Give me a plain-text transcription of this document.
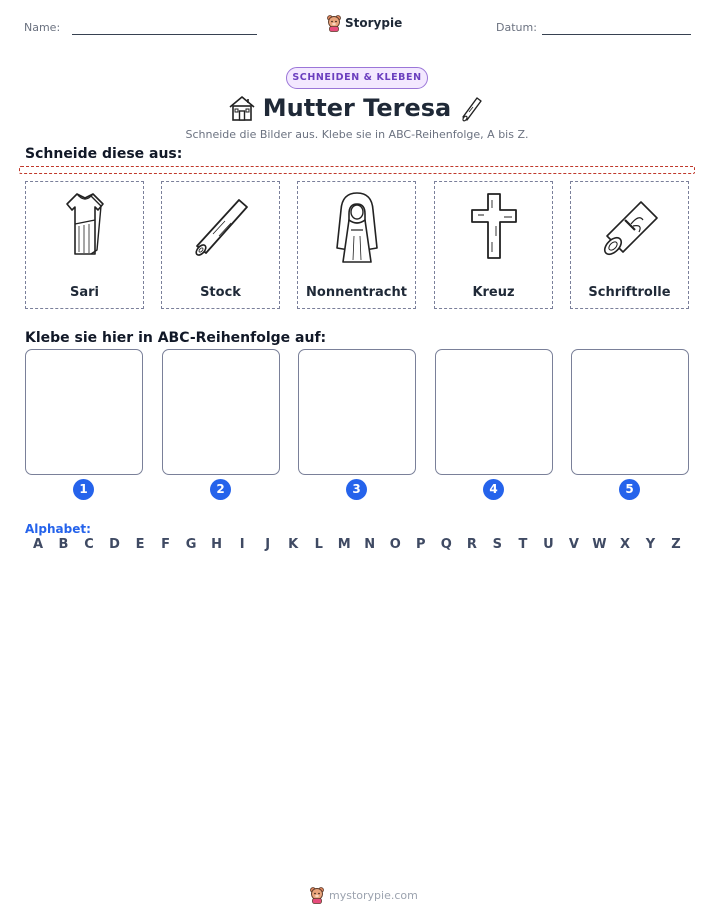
Name:	Datum:
Storypie
SCHNEIDEN & KLEBEN
Mutter Teresa
Schneide die Bilder aus. Klebe sie in ABC-Reihenfolge, A bis Z.
Schneide diese aus:
Sari	Stock	Nonnentracht	Kreuz	Schriftrolle
Klebe sie hier in ABC-Reihenfolge auf:
1	2	3	4	5
Alphabet:
A	B	C	D	E	F	G	H	I	J	K	L	M	N	O	P	Q	R	S	T	U	V	W	X	Y	Z
mystorypie.com
